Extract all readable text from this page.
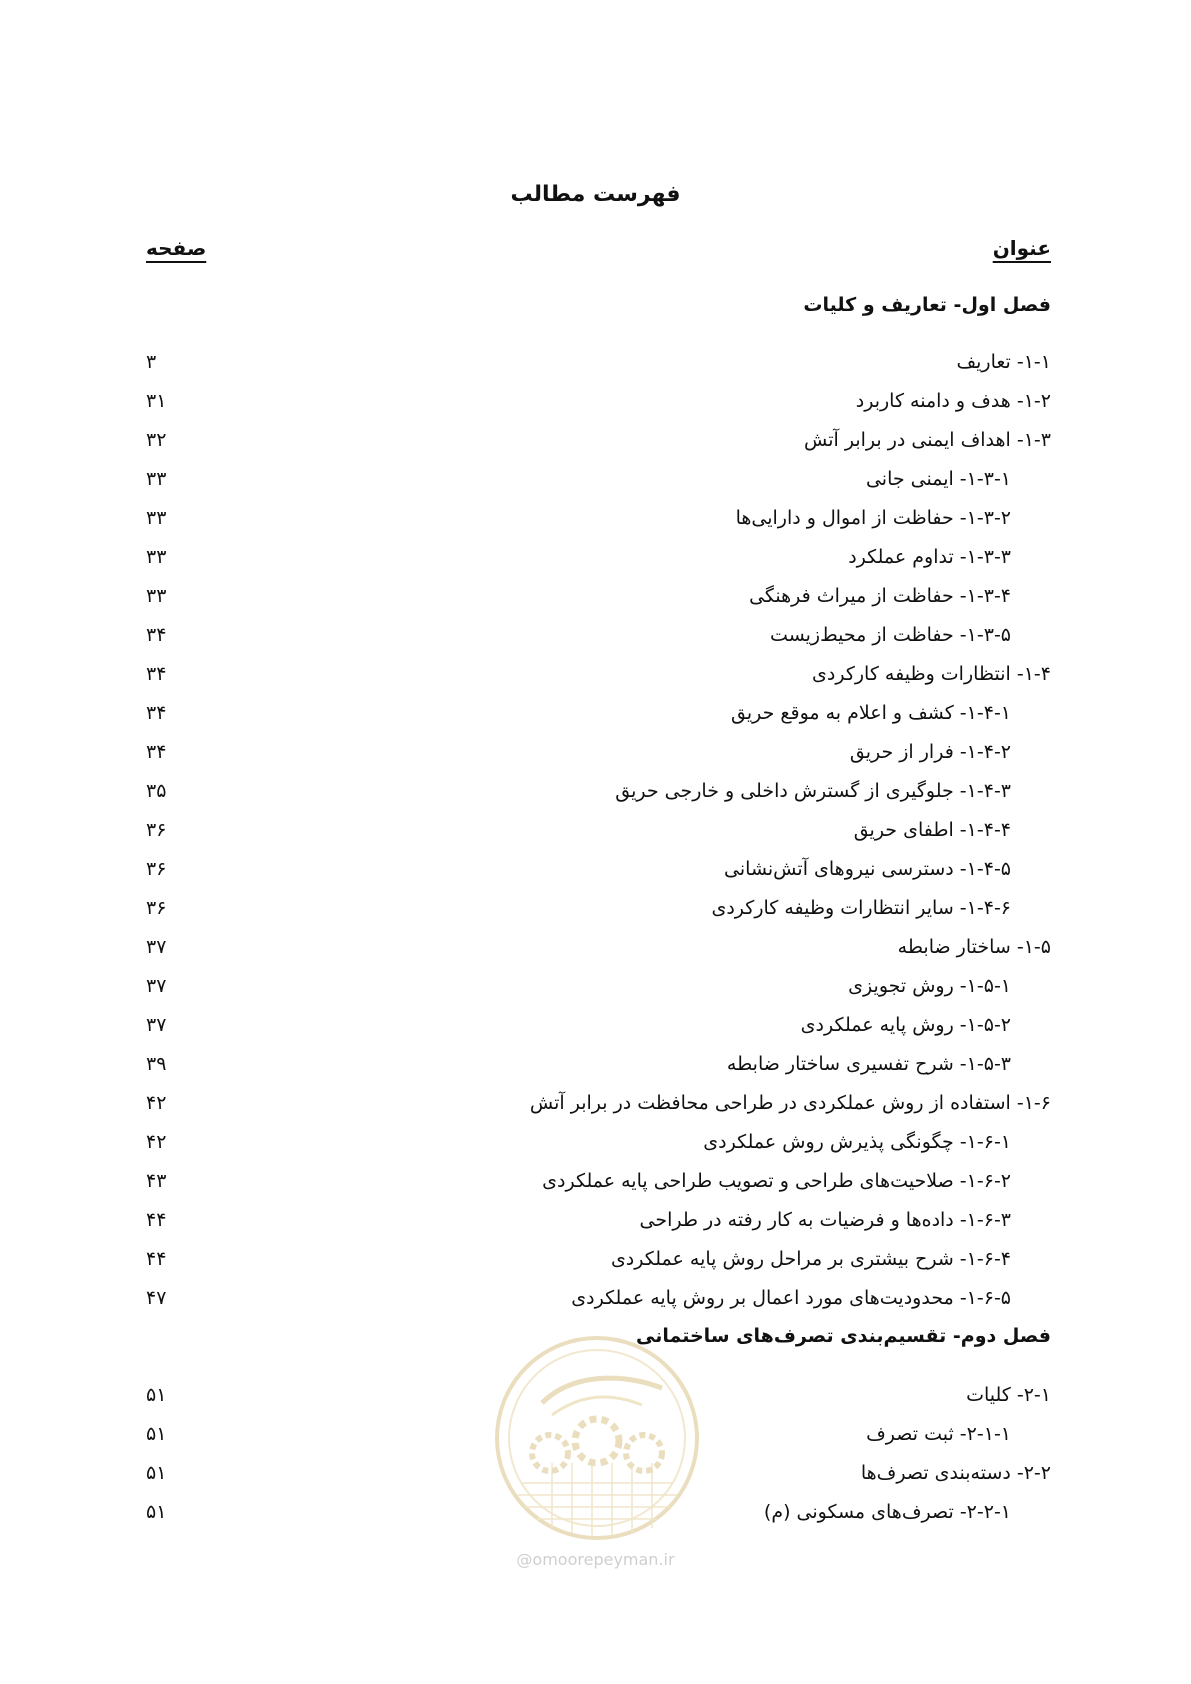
فهرست مطالب
عنوان
صفحه
فصل اول- تعاریف و کلیات
۱-۱- تعاریف
۳
۱-۲- هدف و دامنه کاربرد
۳۱
۱-۳- اهداف ایمنی در برابر آتش
۳۲
۱-۳-۱- ایمنی جانی
۳۳
۱-۳-۲- حفاظت از اموال و دارایی‌ها
۳۳
۱-۳-۳- تداوم عملکرد
۳۳
۱-۳-۴- حفاظت از میراث فرهنگی
۳۳
۱-۳-۵- حفاظت از محیط‌زیست
۳۴
۱-۴- انتظارات وظیفه کارکردی
۳۴
۱-۴-۱- کشف و اعلام به موقع حریق
۳۴
۱-۴-۲- فرار از حریق
۳۴
۱-۴-۳- جلوگیری از گسترش داخلی و خارجی حریق
۳۵
۱-۴-۴- اطفای حریق
۳۶
۱-۴-۵- دسترسی نیروهای آتش‌نشانی
۳۶
۱-۴-۶- سایر انتظارات وظیفه کارکردی
۳۶
۱-۵- ساختار ضابطه
۳۷
۱-۵-۱- روش تجویزی
۳۷
۱-۵-۲- روش پایه عملکردی
۳۷
۱-۵-۳- شرح تفسیری ساختار ضابطه
۳۹
۱-۶- استفاده از روش عملکردی در طراحی محافظت در برابر آتش
۴۲
۱-۶-۱- چگونگی پذیرش روش عملکردی
۴۲
۱-۶-۲- صلاحیت‌های طراحی و تصویب طراحی پایه عملکردی
۴۳
۱-۶-۳- داده‌ها و فرضیات به کار رفته در طراحی
۴۴
۱-۶-۴- شرح بیشتری بر مراحل روش پایه عملکردی
۴۴
۱-۶-۵- محدودیت‌های مورد اعمال بر روش پایه عملکردی
۴۷
فصل دوم- تقسیم‌بندی تصرف‌های ساختمانی
۲-۱- کلیات
۵۱
۲-۱-۱- ثبت تصرف
۵۱
۲-۲- دسته‌بندی تصرف‌ها
۵۱
۲-۲-۱- تصرف‌های مسکونی (م)
۵۱
@omoorepeyman.ir
